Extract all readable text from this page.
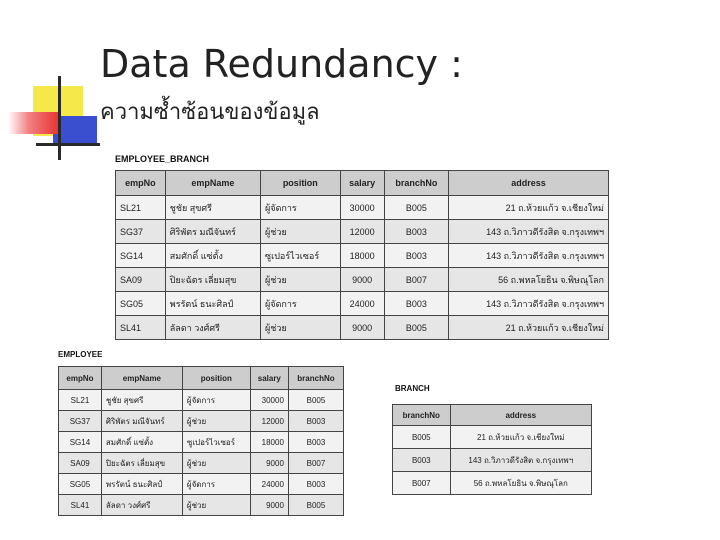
Data Redundancy :
ความซ้ำซ้อนของข้อมูล
EMPLOYEE_BRANCH
empNo	empName	position	salary	branchNo	address
SL21	ชูชัย สุขศรี	ผู้จัดการ	30000	B005	21 ถ.ห้วยแก้ว จ.เชียงใหม่
SG37	ศิริพัตร มณีจันทร์	ผู้ช่วย	12000	B003	143 ถ.วิภาวดีรังสิต จ.กรุงเทพฯ
SG14	สมศักดิ์ แซ่ตั้ง	ซูเปอร์ไวเซอร์	18000	B003	143 ถ.วิภาวดีรังสิต จ.กรุงเทพฯ
SA09	ปิยะฉัตร เลี่ยมสุข	ผู้ช่วย	9000	B007	56 ถ.พหลโยธิน จ.พิษณุโลก
SG05	พรรัตน์ ธนะศิลป์	ผู้จัดการ	24000	B003	143 ถ.วิภาวดีรังสิต จ.กรุงเทพฯ
SL41	ลัลดา วงศ์ศรี	ผู้ช่วย	9000	B005	21 ถ.ห้วยแก้ว จ.เชียงใหม่
EMPLOYEE
empNo	empName	position	salary	branchNo
SL21	ชูชัย สุขศรี	ผู้จัดการ	30000	B005
SG37	ศิริพัตร มณีจันทร์	ผู้ช่วย	12000	B003
SG14	สมศักดิ์ แซ่ตั้ง	ซูเปอร์ไวเซอร์	18000	B003
SA09	ปิยะฉัตร เลี่ยมสุข	ผู้ช่วย	9000	B007
SG05	พรรัตน์ ธนะศิลป์	ผู้จัดการ	24000	B003
SL41	ลัลดา วงศ์ศรี	ผู้ช่วย	9000	B005
BRANCH
branchNo	address
B005	21 ถ.ห้วยแก้ว จ.เชียงใหม่
B003	143 ถ.วิภาวดีรังสิต จ.กรุงเทพฯ
B007	56 ถ.พหลโยธิน จ.พิษณุโลก
